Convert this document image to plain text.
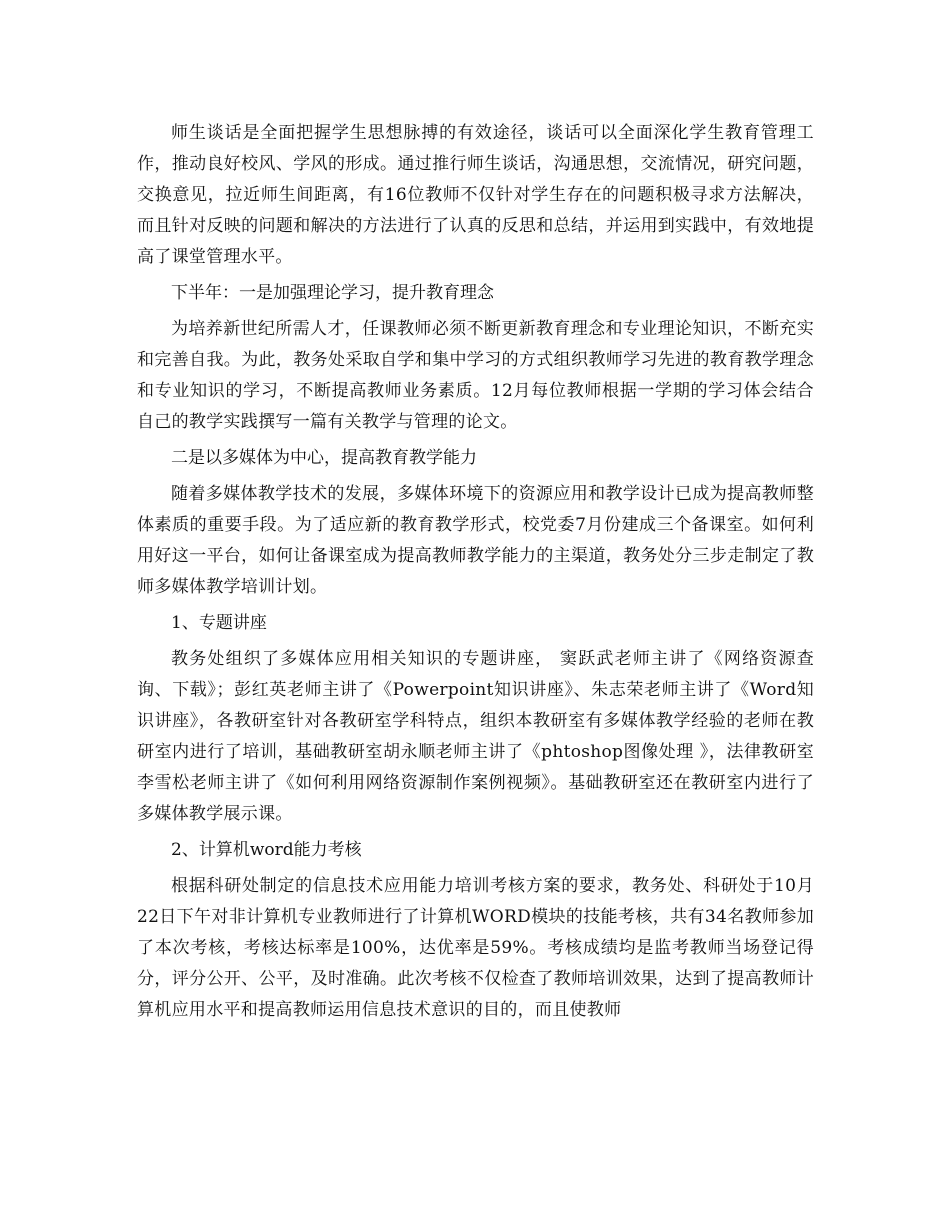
师生谈话是全面把握学生思想脉搏的有效途径，谈话可以全面深化学生教育管理工作，推动良好校风、学风的形成。通过推行师生谈话，沟通思想，交流情况，研究问题，交换意见，拉近师生间距离，有16位教师不仅针对学生存在的问题积极寻求方法解决，而且针对反映的问题和解决的方法进行了认真的反思和总结，并运用到实践中，有效地提高了课堂管理水平。

下半年：一是加强理论学习，提升教育理念

为培养新世纪所需人才，任课教师必须不断更新教育理念和专业理论知识，不断充实和完善自我。为此，教务处采取自学和集中学习的方式组织教师学习先进的教育教学理念和专业知识的学习，不断提高教师业务素质。12月每位教师根据一学期的学习体会结合自己的教学实践撰写一篇有关教学与管理的论文。

二是以多媒体为中心，提高教育教学能力

随着多媒体教学技术的发展，多媒体环境下的资源应用和教学设计已成为提高教师整体素质的重要手段。为了适应新的教育教学形式，校党委7月份建成三个备课室。如何利用好这一平台，如何让备课室成为提高教师教学能力的主渠道，教务处分三步走制定了教师多媒体教学培训计划。

1、专题讲座

教务处组织了多媒体应用相关知识的专题讲座， 窦跃武老师主讲了《网络资源查询、下载》；彭红英老师主讲了《Powerpoint知识讲座》、朱志荣老师主讲了《Word知识讲座》，各教研室针对各教研室学科特点，组织本教研室有多媒体教学经验的老师在教研室内进行了培训，基础教研室胡永顺老师主讲了《phtoshop图像处理 》，法律教研室李雪松老师主讲了《如何利用网络资源制作案例视频》。基础教研室还在教研室内进行了多媒体教学展示课。

2、计算机word能力考核

根据科研处制定的信息技术应用能力培训考核方案的要求，教务处、科研处于10月22日下午对非计算机专业教师进行了计算机WORD模块的技能考核，共有34名教师参加了本次考核，考核达标率是100%，达优率是59%。考核成绩均是监考教师当场登记得分，评分公开、公平，及时准确。此次考核不仅检查了教师培训效果，达到了提高教师计算机应用水平和提高教师运用信息技术意识的目的，而且使教师
